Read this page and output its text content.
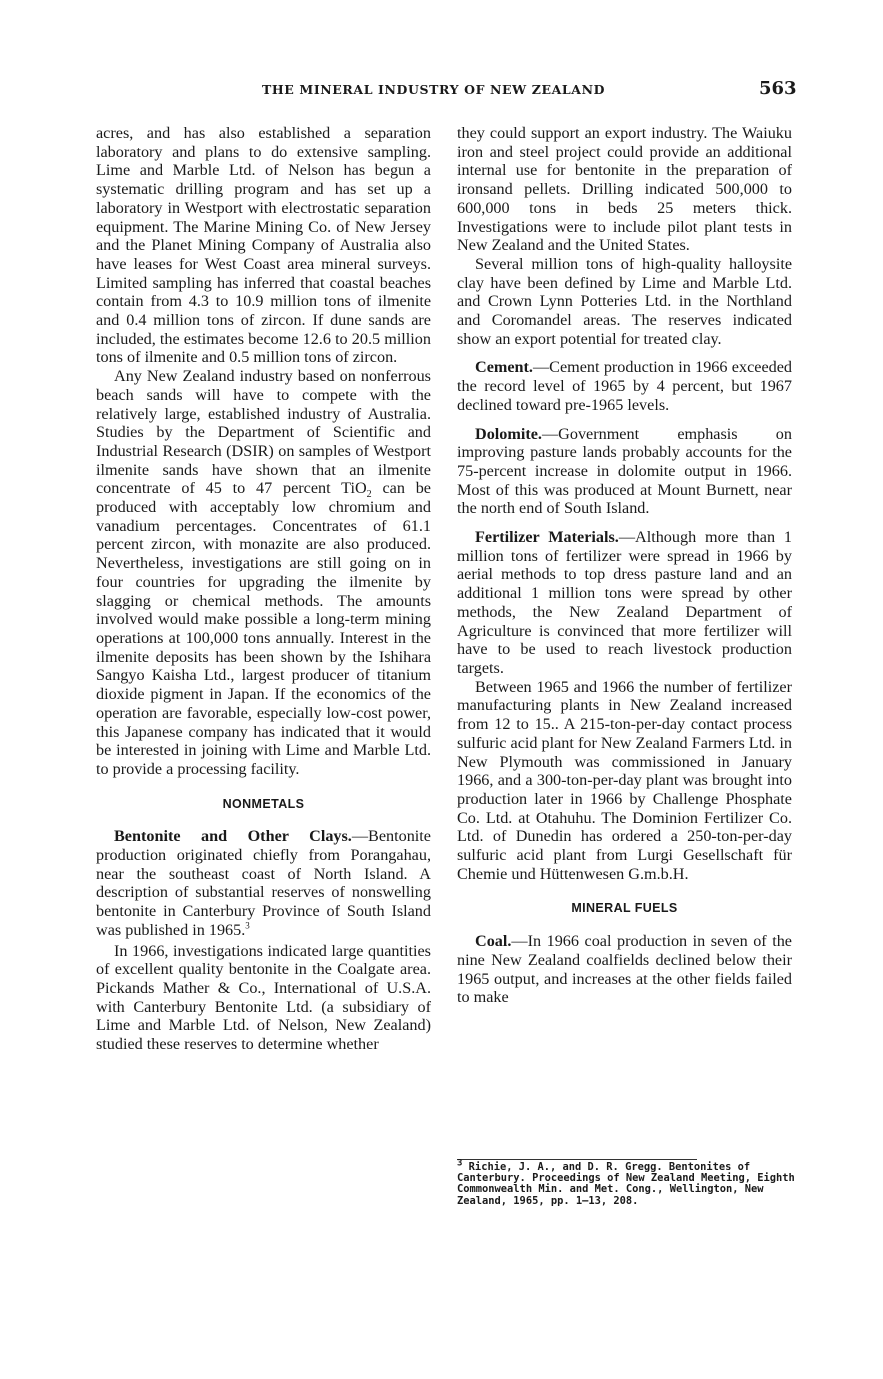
THE MINERAL INDUSTRY OF NEW ZEALAND	563

acres, and has also established a separation laboratory and plans to do extensive sampling. Lime and Marble Ltd. of Nelson has begun a systematic drilling program and has set up a laboratory in Westport with electrostatic separation equipment. The Marine Mining Co. of New Jersey and the Planet Mining Company of Australia also have leases for West Coast area mineral surveys. Limited sampling has inferred that coastal beaches contain from 4.3 to 10.9 million tons of ilmenite and 0.4 million tons of zircon. If dune sands are included, the estimates become 12.6 to 20.5 million tons of ilmenite and 0.5 million tons of zircon.

Any New Zealand industry based on nonferrous beach sands will have to compete with the relatively large, established industry of Australia. Studies by the Department of Scientific and Industrial Research (DSIR) on samples of Westport ilmenite sands have shown that an ilmenite concentrate of 45 to 47 percent TiO$_2$ can be produced with acceptably low chromium and vanadium percentages. Concentrates of 61.1 percent zircon, with monazite are also produced. Nevertheless, investigations are still going on in four countries for upgrading the ilmenite by slagging or chemical methods. The amounts involved would make possible a long-term mining operations at 100,000 tons annually. Interest in the ilmenite deposits has been shown by the Ishihara Sangyo Kaisha Ltd., largest producer of titanium dioxide pigment in Japan. If the economics of the operation are favorable, especially low-cost power, this Japanese company has indicated that it would be interested in joining with Lime and Marble Ltd. to provide a processing facility.

NONMETALS

Bentonite and Other Clays.—Bentonite production originated chiefly from Porangahau, near the southeast coast of North Island. A description of substantial reserves of nonswelling bentonite in Canterbury Province of South Island was published in 1965.$^3$

In 1966, investigations indicated large quantities of excellent quality bentonite in the Coalgate area. Pickands Mather & Co., International of U.S.A. with Canterbury Bentonite Ltd. (a subsidiary of Lime and Marble Ltd. of Nelson, New Zealand) studied these reserves to determine whether

they could support an export industry. The Waiuku iron and steel project could provide an additional internal use for bentonite in the preparation of ironsand pellets. Drilling indicated 500,000 to 600,000 tons in beds 25 meters thick. Investigations were to include pilot plant tests in New Zealand and the United States.

Several million tons of high-quality halloysite clay have been defined by Lime and Marble Ltd. and Crown Lynn Potteries Ltd. in the Northland and Coromandel areas. The reserves indicated show an export potential for treated clay.

Cement.—Cement production in 1966 exceeded the record level of 1965 by 4 percent, but 1967 declined toward pre-1965 levels.

Dolomite.—Government emphasis on improving pasture lands probably accounts for the 75-percent increase in dolomite output in 1966. Most of this was produced at Mount Burnett, near the north end of South Island.

Fertilizer Materials.—Although more than 1 million tons of fertilizer were spread in 1966 by aerial methods to top dress pasture land and an additional 1 million tons were spread by other methods, the New Zealand Department of Agriculture is convinced that more fertilizer will have to be used to reach livestock production targets.

Between 1965 and 1966 the number of fertilizer manufacturing plants in New Zealand increased from 12 to 15.. A 215-ton-per-day contact process sulfuric acid plant for New Zealand Farmers Ltd. in New Plymouth was commissioned in January 1966, and a 300-ton-per-day plant was brought into production later in 1966 by Challenge Phosphate Co. Ltd. at Otahuhu. The Dominion Fertilizer Co. Ltd. of Dunedin has ordered a 250-ton-per-day sulfuric acid plant from Lurgi Gesellschaft für Chemie und Hüttenwesen G.m.b.H.

MINERAL FUELS

Coal.—In 1966 coal production in seven of the nine New Zealand coalfields declined below their 1965 output, and increases at the other fields failed to make

$^3$ Richie, J. A., and D. R. Gregg. Bentonites of Canterbury. Proceedings of New Zealand Meeting, Eighth Commonwealth Min. and Met. Cong., Wellington, New Zealand, 1965, pp. 1–13, 208.
